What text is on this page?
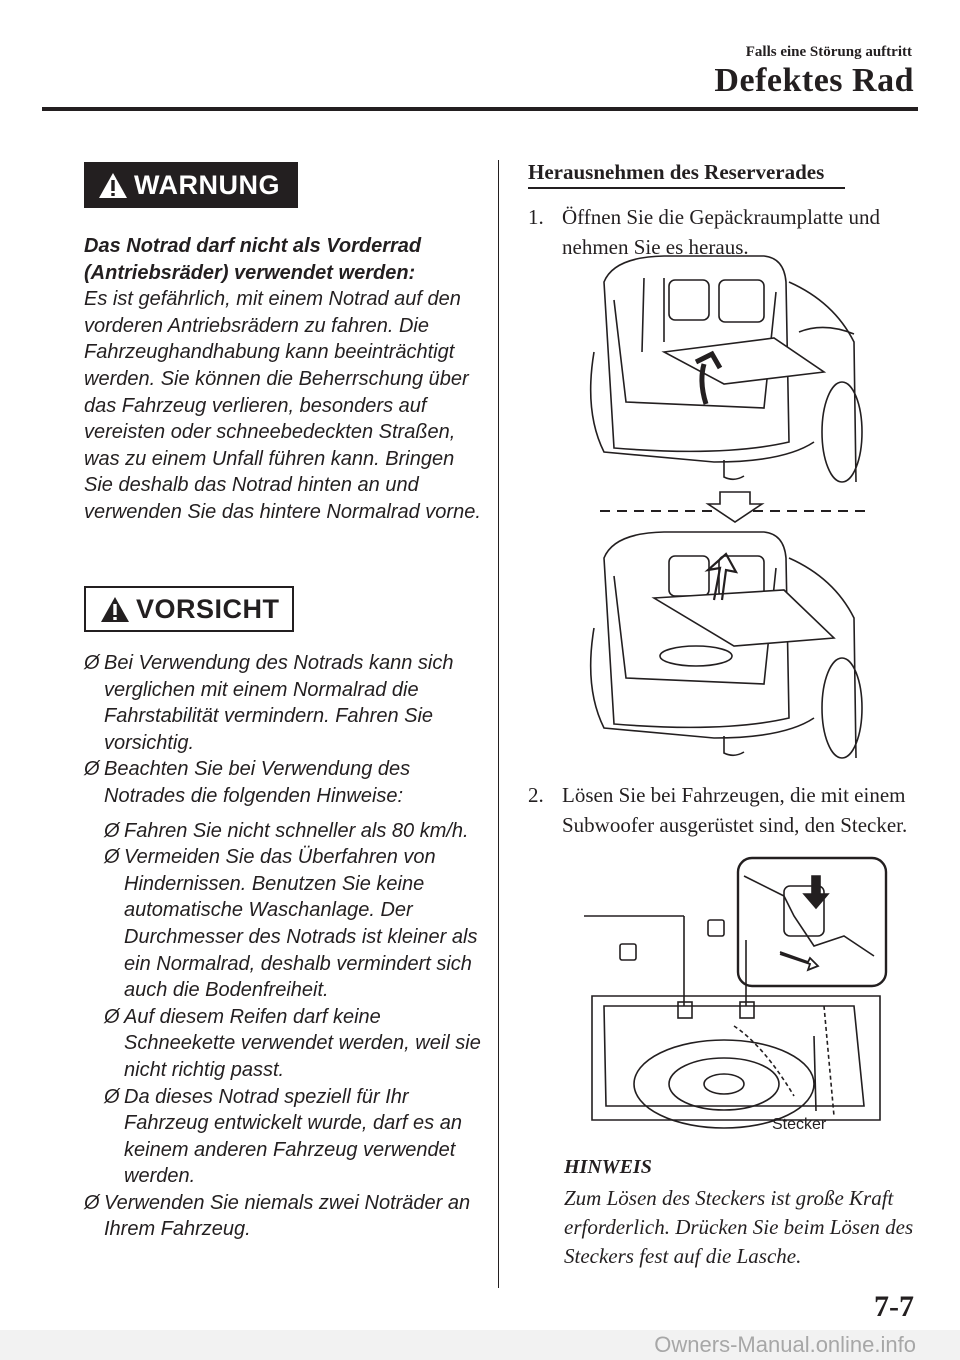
Falls eine Störung auftritt
Defektes Rad
WARNUNG
Das Notrad darf nicht als Vorderrad (Antriebsräder) verwendet werden:
Es ist gefährlich, mit einem Notrad auf den vorderen Antriebsrädern zu fahren. Die Fahrzeughandhabung kann beeinträchtigt werden. Sie können die Beherrschung über das Fahrzeug verlieren, besonders auf vereisten oder schneebedeckten Straßen, was zu einem Unfall führen kann. Bringen Sie deshalb das Notrad hinten an und verwenden Sie das hintere Normalrad vorne.
VORSICHT
Ø Bei Verwendung des Notrads kann sich verglichen mit einem Normalrad die Fahrstabilität vermindern. Fahren Sie vorsichtig.
Ø Beachten Sie bei Verwendung des Notrades die folgenden Hinweise:
Ø Fahren Sie nicht schneller als 80 km/h.
Ø Vermeiden Sie das Überfahren von Hindernissen. Benutzen Sie keine automatische Waschanlage. Der Durchmesser des Notrads ist kleiner als ein Normalrad, deshalb vermindert sich auch die Bodenfreiheit.
Ø Auf diesem Reifen darf keine Schneekette verwendet werden, weil sie nicht richtig passt.
Ø Da dieses Notrad speziell für Ihr Fahrzeug entwickelt wurde, darf es an keinem anderen Fahrzeug verwendet werden.
Ø Verwenden Sie niemals zwei Noträder an Ihrem Fahrzeug.
Herausnehmen des Reserverades
1. Öffnen Sie die Gepäckraumplatte und nehmen Sie es heraus.
2. Lösen Sie bei Fahrzeugen, die mit einem Subwoofer ausgerüstet sind, den Stecker.
Stecker
HINWEIS
Zum Lösen des Steckers ist große Kraft erforderlich. Drücken Sie beim Lösen des Steckers fest auf die Lasche.
7-7
Owners-Manual.online.info
